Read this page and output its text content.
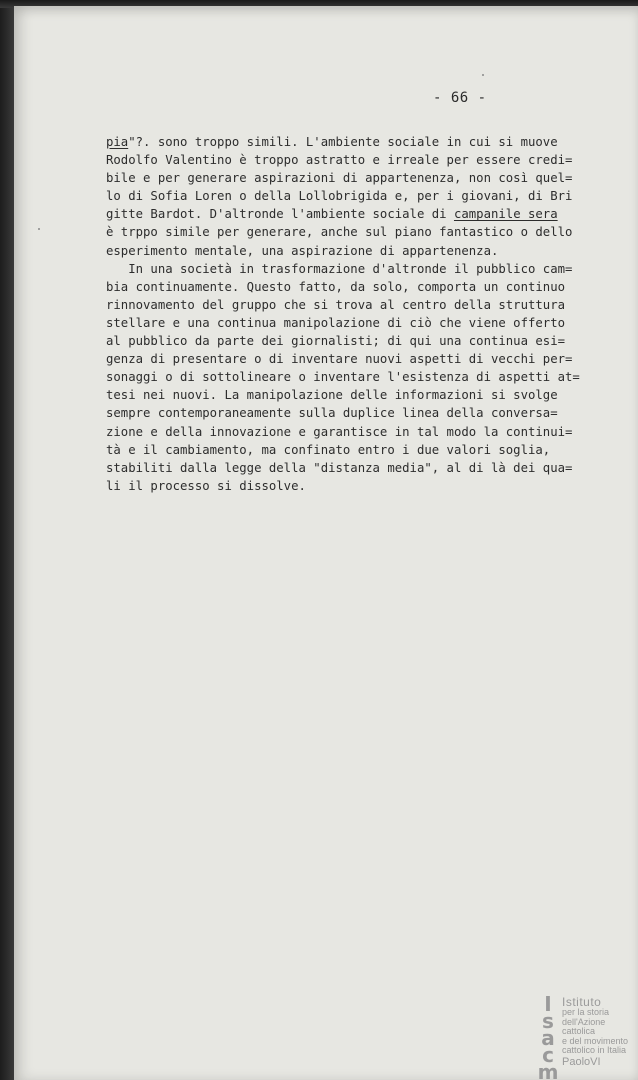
- 66 -
pia"?. sono troppo simili. L'ambiente sociale in cui si muove
Rodolfo Valentino è troppo astratto e irreale per essere credi=
bile e per generare aspirazioni di appartenenza, non così quel=
lo di Sofia Loren o della Lollobrigida e, per i giovani, di Bri
gitte Bardot. D'altronde l'ambiente sociale di campanile sera
è trppo simile per generare, anche sul piano fantastico o dello
esperimento mentale, una aspirazione di appartenenza.
In una società in trasformazione d'altronde il pubblico cam=
bia continuamente. Questo fatto, da solo, comporta un continuo
rinnovamento del gruppo che si trova al centro della struttura
stellare e una continua manipolazione di ciò che viene offerto
al pubblico da parte dei giornalisti; di qui una continua esi=
genza di presentare o di inventare nuovi aspetti di vecchi per=
sonaggi o di sottolineare o inventare l'esistenza di aspetti at=
tesi nei nuovi. La manipolazione delle informazioni si svolge
sempre contemporaneamente sulla duplice linea della conversa=
zione e della innovazione e garantisce in tal modo la continui=
tà e il cambiamento, ma confinato entro i due valori soglia,
stabiliti dalla legge della "distanza media", al di là dei qua=
li il processo si dissolve.
I
s
a
c
m
Istituto
per la storia
dell'Azione cattolica
e del movimento
cattolico in Italia
PaoloVI
